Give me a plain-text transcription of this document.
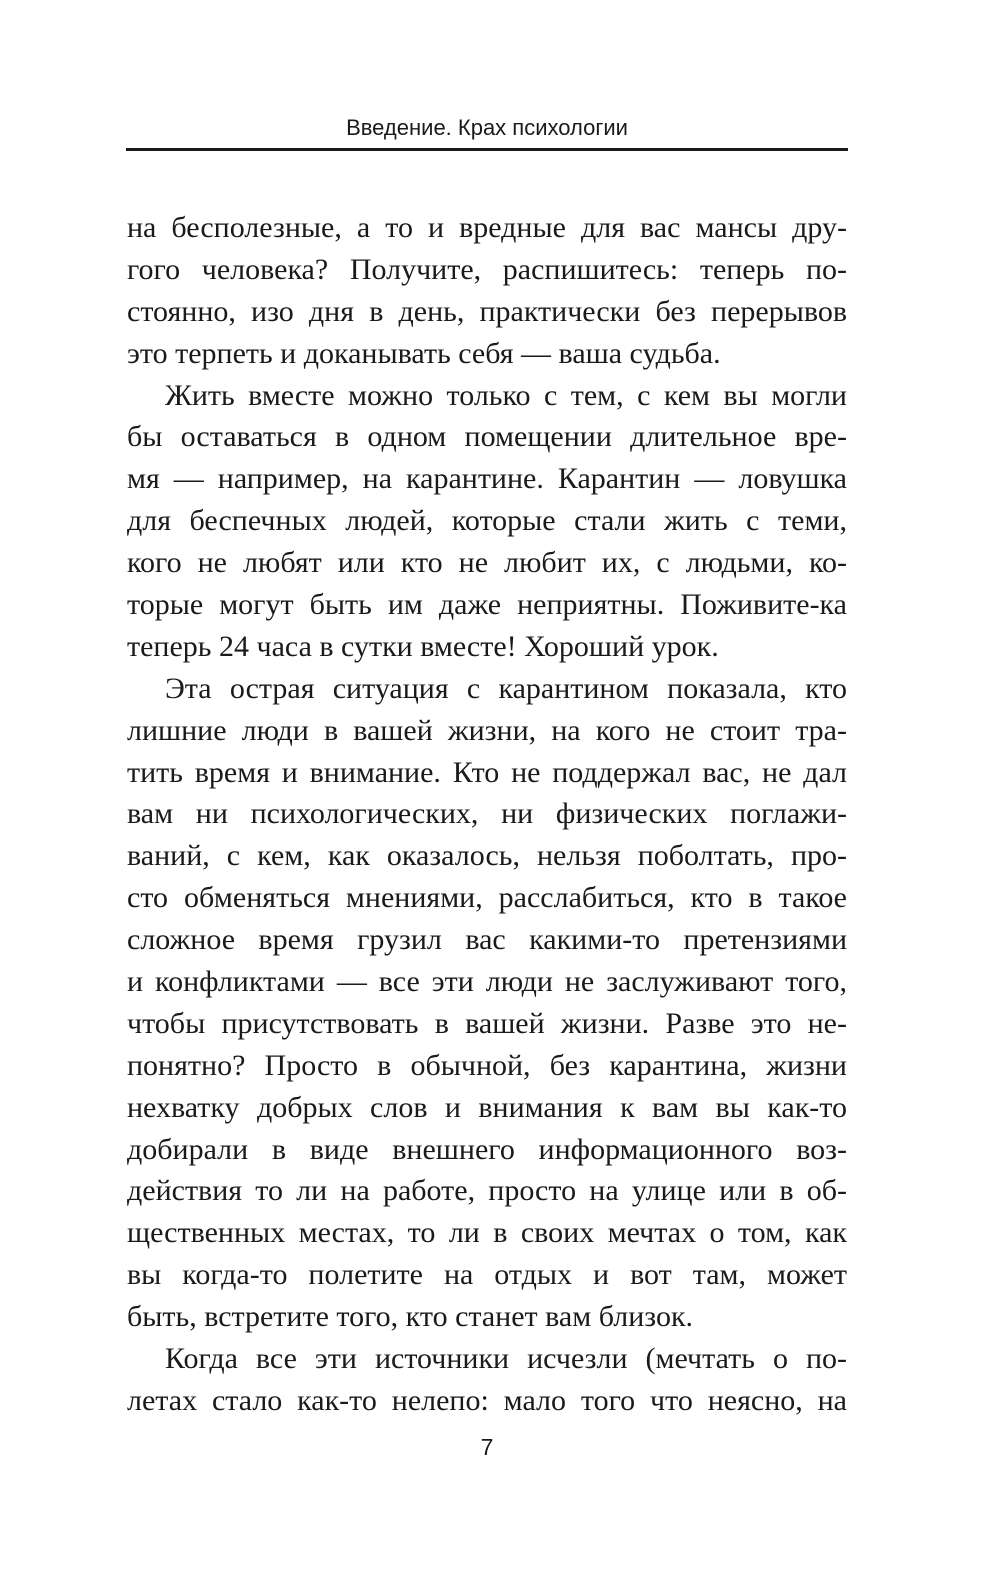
Введение. Крах психологии
на бесполезные, а то и вредные для вас мансы дру-
гого человека? Получите, распишитесь: теперь по-
стоянно, изо дня в день, практически без перерывов
это терпеть и доканывать себя — ваша судьба.
Жить вместе можно только с тем, с кем вы могли
бы оставаться в одном помещении длительное вре-
мя — например, на карантине. Карантин — ловушка
для беспечных людей, которые стали жить с теми,
кого не любят или кто не любит их, с людьми, ко-
торые могут быть им даже неприятны. Поживите-ка
теперь 24 часа в сутки вместе! Хороший урок.
Эта острая ситуация с карантином показала, кто
лишние люди в вашей жизни, на кого не стоит тра-
тить время и внимание. Кто не поддержал вас, не дал
вам ни психологических, ни физических поглажи-
ваний, с кем, как оказалось, нельзя поболтать, про-
сто обменяться мнениями, расслабиться, кто в такое
сложное время грузил вас какими-то претензиями
и конфликтами — все эти люди не заслуживают того,
чтобы присутствовать в вашей жизни. Разве это не-
понятно? Просто в обычной, без карантина, жизни
нехватку добрых слов и внимания к вам вы как-то
добирали в виде внешнего информационного воз-
действия то ли на работе, просто на улице или в об-
щественных местах, то ли в своих мечтах о том, как
вы когда-то полетите на отдых и вот там, может
быть, встретите того, кто станет вам близок.
Когда все эти источники исчезли (мечтать о по-
летах стало как-то нелепо: мало того что неясно, на
7
